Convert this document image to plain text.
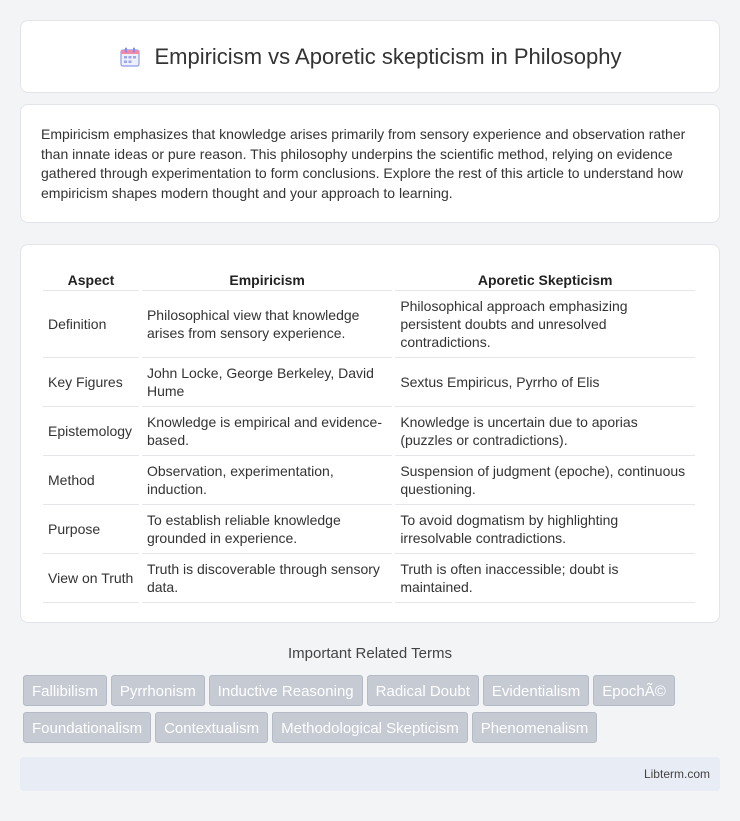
Empiricism vs Aporetic skepticism in Philosophy

Empiricism emphasizes that knowledge arises primarily from sensory experience and observation rather than innate ideas or pure reason. This philosophy underpins the scientific method, relying on evidence gathered through experimentation to form conclusions. Explore the rest of this article to understand how empiricism shapes modern thought and your approach to learning.

Aspect	Empiricism	Aporetic Skepticism
Definition	Philosophical view that knowledge arises from sensory experience.	Philosophical approach emphasizing persistent doubts and unresolved contradictions.
Key Figures	John Locke, George Berkeley, David Hume	Sextus Empiricus, Pyrrho of Elis
Epistemology	Knowledge is empirical and evidence-based.	Knowledge is uncertain due to aporias (puzzles or contradictions).
Method	Observation, experimentation, induction.	Suspension of judgment (epoche), continuous questioning.
Purpose	To establish reliable knowledge grounded in experience.	To avoid dogmatism by highlighting irresolvable contradictions.
View on Truth	Truth is discoverable through sensory data.	Truth is often inaccessible; doubt is maintained.
Important Related Terms
Fallibilism Pyrrhonism Inductive Reasoning Radical Doubt Evidentialism EpochÃ©Foundationalism Contextualism Methodological Skepticism Phenomenalism
Libterm.com
